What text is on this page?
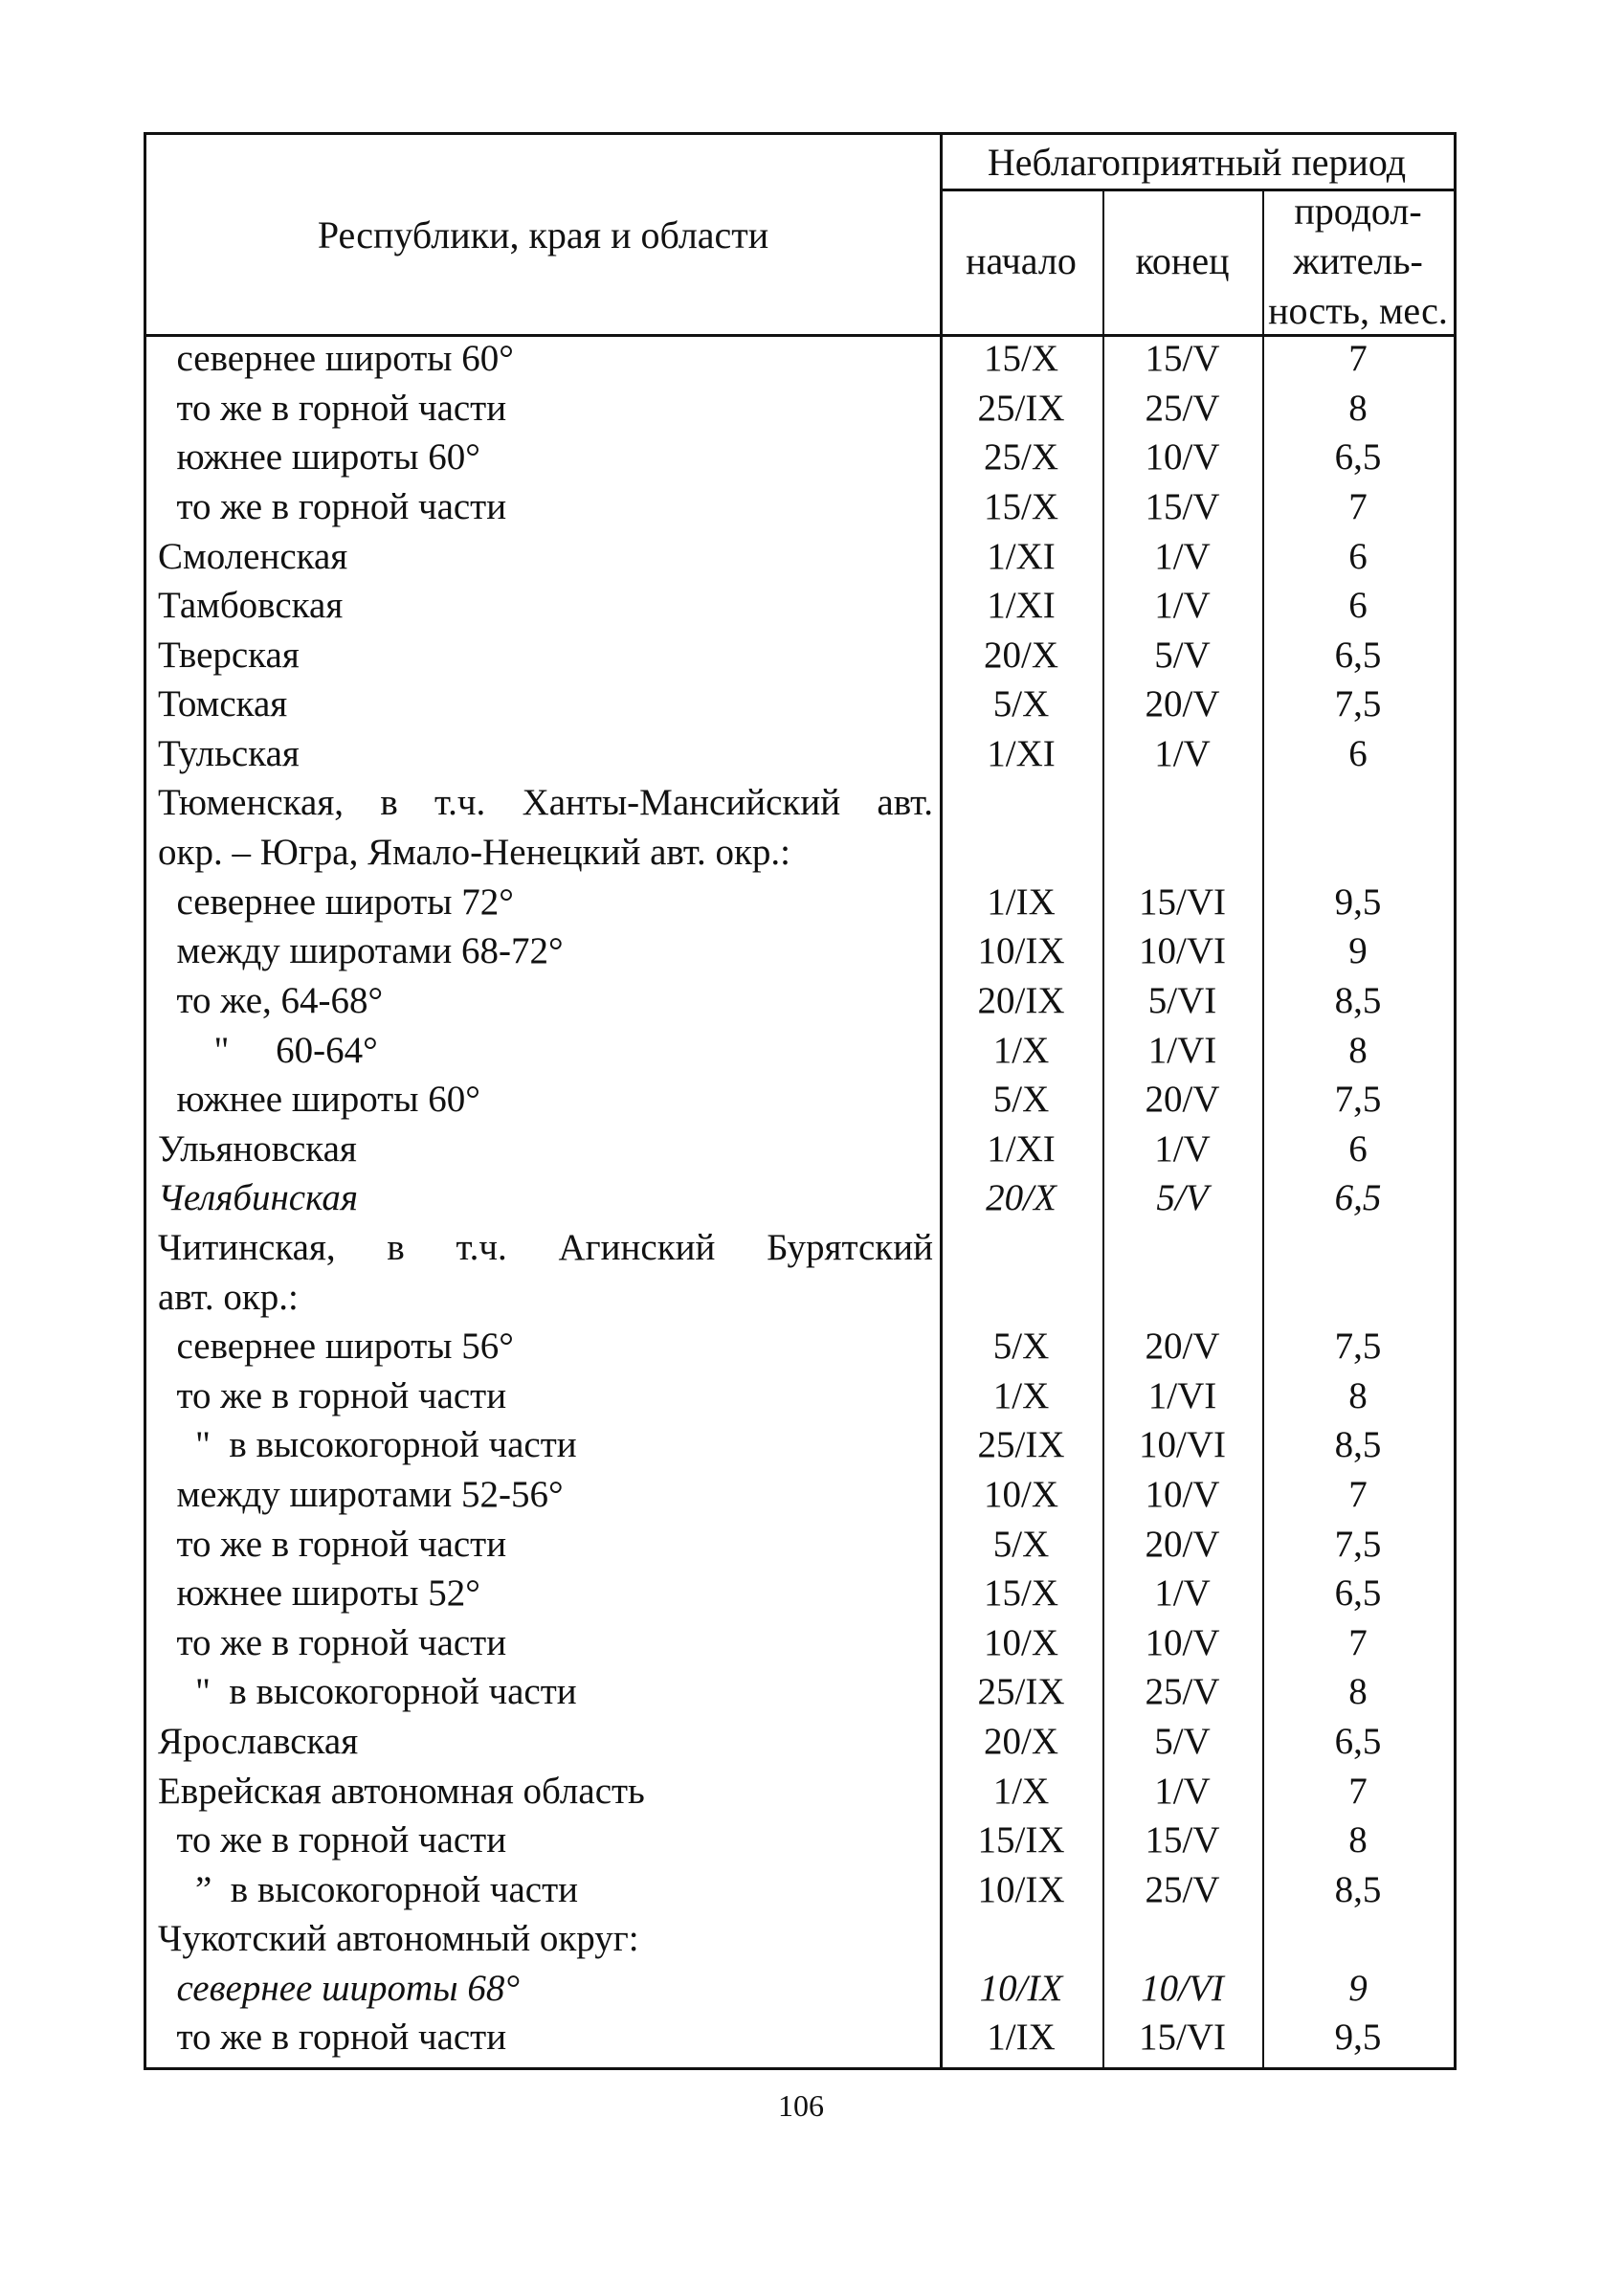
Республики, края и области
Неблагоприятный период
начало	конец
продол-
житель-
ность, мес.
севернее широты 60°	15/X	15/V	7
то же в горной части	25/IX	25/V	8
южнее широты 60°	25/X	10/V	6,5
то же в горной части	15/X	15/V	7
Смоленская	1/XI	1/V	6
Тамбовская	1/XI	1/V	6
Тверская	20/X	5/V	6,5
Томская	5/X	20/V	7,5
Тульская	1/XI	1/V	6
Тюменская, в т.ч. Ханты-Мансийский авт.
окр. – Югра, Ямало-Ненецкий авт. окр.:
севернее широты 72°	1/IX	15/VI	9,5
между широтами 68-72°	10/IX	10/VI	9
то же, 64-68°	20/IX	5/VI	8,5
"     60-64°	1/X	1/VI	8
южнее широты 60°	5/X	20/V	7,5
Ульяновская	1/XI	1/V	6
Челябинская	20/X	5/V	6,5
Читинская, в т.ч. Агинский Бурятский
авт. окр.:
севернее широты 56°	5/X	20/V	7,5
то же в горной части	1/X	1/VI	8
"  в высокогорной части	25/IX	10/VI	8,5
между широтами 52-56°	10/X	10/V	7
то же в горной части	5/X	20/V	7,5
южнее широты 52°	15/X	1/V	6,5
то же в горной части	10/X	10/V	7
"  в высокогорной части	25/IX	25/V	8
Ярославская	20/X	5/V	6,5
Еврейская автономная область	1/X	1/V	7
то же в горной части	15/IX	15/V	8
”  в высокогорной части	10/IX	25/V	8,5
Чукотский автономный округ:
севернее широты 68°	10/IX	10/VI	9
то же в горной части	1/IX	15/VI	9,5
106
